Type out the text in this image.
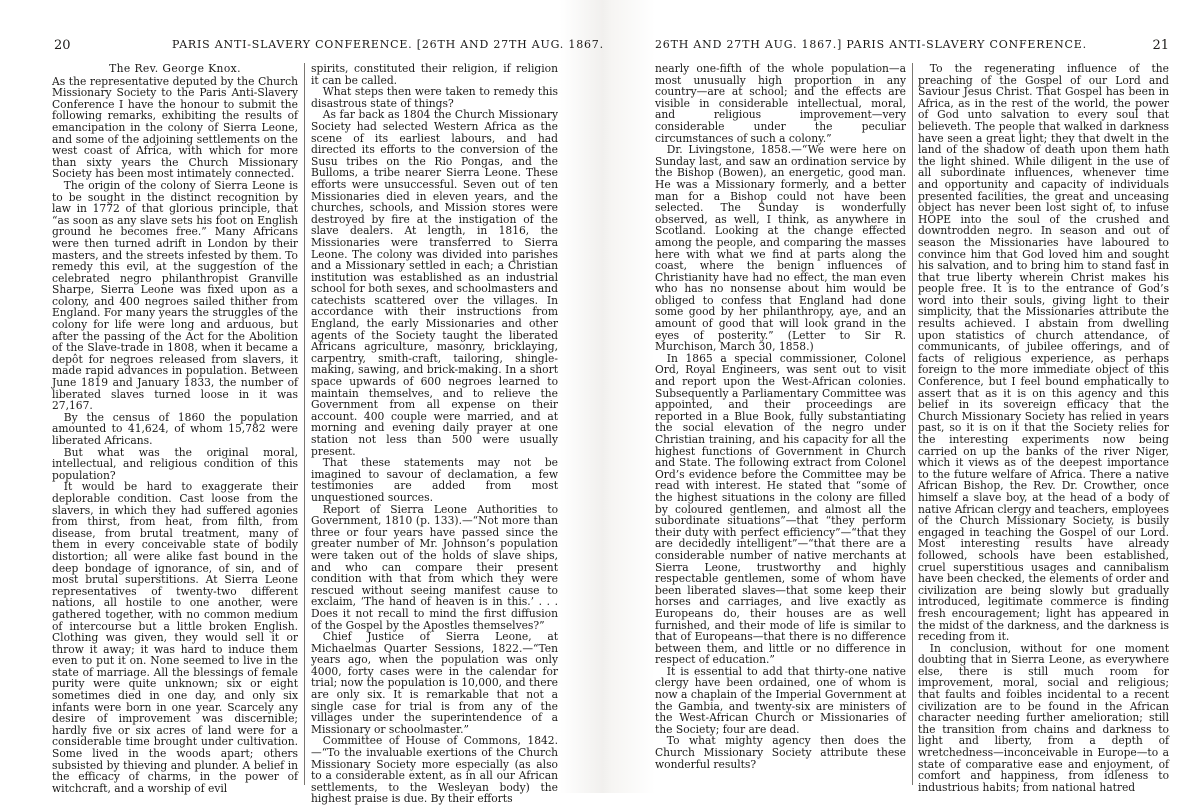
20	PARIS ANTI-SLAVERY CONFERENCE. [26TH AND 27TH AUG. 1867.

The Rev. George Knox.

As the representative deputed by the Church Missionary Society to the Paris Anti-Slavery Conference I have the honour to submit the following remarks, exhibiting the results of emancipation in the colony of Sierra Leone, and some of the adjoining settlements on the west coast of Africa, with which for more than sixty years the Church Missionary Society has been most intimately connected.

The origin of the colony of Sierra Leone is to be sought in the distinct recognition by law in 1772 of that glorious principle, that “as soon as any slave sets his foot on English ground he becomes free.” Many Africans were then turned adrift in London by their masters, and the streets infested by them. To remedy this evil, at the suggestion of the celebrated negro philanthropist Granville Sharpe, Sierra Leone was fixed upon as a colony, and 400 negroes sailed thither from England. For many years the struggles of the colony for life were long and arduous, but after the passing of the Act for the Abolition of the Slave-trade in 1808, when it became a depôt for negroes released from slavers, it made rapid advances in population. Between June 1819 and January 1833, the number of liberated slaves turned loose in it was 27,167.

By the census of 1860 the population amounted to 41,624, of whom 15,782 were liberated Africans.

But what was the original moral, intellectual, and religious condition of this population?

It would be hard to exaggerate their deplorable condition. Cast loose from the slavers, in which they had suffered agonies from thirst, from heat, from filth, from disease, from brutal treatment, many of them in every conceivable state of bodily distortion; all were alike fast bound in the deep bondage of ignorance, of sin, and of most brutal superstitions. At Sierra Leone representatives of twenty-two different nations, all hostile to one another, were gathered together, with no common medium of intercourse but a little broken English. Clothing was given, they would sell it or throw it away; it was hard to induce them even to put it on. None seemed to live in the state of marriage. All the blessings of female purity were quite unknown; six or eight sometimes died in one day, and only six infants were born in one year. Scarcely any desire of improvement was discernible; hardly five or six acres of land were for a considerable time brought under cultivation. Some lived in the woods apart; others subsisted by thieving and plunder. A belief in the efficacy of charms, in the power of witchcraft, and a worship of evil

spirits, constituted their religion, if religion it can be called.

What steps then were taken to remedy this disastrous state of things?

As far back as 1804 the Church Missionary Society had selected Western Africa as the scene of its earliest labours, and had directed its efforts to the conversion of the Susu tribes on the Rio Pongas, and the Bulloms, a tribe nearer Sierra Leone. These efforts were unsuccessful. Seven out of ten Missionaries died in eleven years, and the churches, schools, and Mission stores were destroyed by fire at the instigation of the slave dealers. At length, in 1816, the Missionaries were transferred to Sierra Leone. The colony was divided into parishes and a Missionary settled in each; a Christian institution was established as an industrial school for both sexes, and schoolmasters and catechists scattered over the villages. In accordance with their instructions from England, the early Missionaries and other agents of the Society taught the liberated Africans agriculture, masonry, bricklaying, carpentry, smith-craft, tailoring, shingle-making, sawing, and brick-making. In a short space upwards of 600 negroes learned to maintain themselves, and to relieve the Government from all expense on their account. 400 couple were married, and at morning and evening daily prayer at one station not less than 500 were usually present.

That these statements may not be imagined to savour of declamation, a few testimonies are added from most unquestioned sources.

Report of Sierra Leone Authorities to Government, 1810 (p. 133).—“Not more than three or four years have passed since the greater number of Mr. Johnson’s population were taken out of the holds of slave ships, and who can compare their present condition with that from which they were rescued without seeing manifest cause to exclaim, ‘The hand of heaven is in this.’ . . . Does it not recall to mind the first diffusion of the Gospel by the Apostles themselves?”

Chief Justice of Sierra Leone, at Michaelmas Quarter Sessions, 1822.—“Ten years ago, when the population was only 4000, forty cases were in the calendar for trial; now the population is 10,000, and there are only six. It is remarkable that not a single case for trial is from any of the villages under the superintendence of a Missionary or schoolmaster.”

Committee of House of Commons, 1842.—“To the invaluable exertions of the Church Missionary Society more especially (as also to a considerable extent, as in all our African settlements, to the Wesleyan body) the highest praise is due. By their efforts

26TH AND 27TH AUG. 1867.] PARIS ANTI-SLAVERY CONFERENCE.	21

nearly one-fifth of the whole population—a most unusually high proportion in any country—are at school; and the effects are visible in considerable intellectual, moral, and religious improvement—very considerable under the peculiar circumstances of such a colony.”

Dr. Livingstone, 1858.—“We were here on Sunday last, and saw an ordination service by the Bishop (Bowen), an energetic, good man. He was a Missionary formerly, and a better man for a Bishop could not have been selected. The Sunday is wonderfully observed, as well, I think, as anywhere in Scotland. Looking at the change effected among the people, and comparing the masses here with what we find at parts along the coast, where the benign influences of Christianity have had no effect, the man even who has no nonsense about him would be obliged to confess that England had done some good by her philanthropy, aye, and an amount of good that will look grand in the eyes of posterity.” (Letter to Sir R. Murchison, March 30, 1858.)

In 1865 a special commissioner, Colonel Ord, Royal Engineers, was sent out to visit and report upon the West-African colonies. Subsequently a Parliamentary Committee was appointed, and their proceedings are reported in a Blue Book, fully substantiating the social elevation of the negro under Christian training, and his capacity for all the highest functions of Government in Church and State. The following extract from Colonel Ord’s evidence before the Committee may be read with interest. He stated that “some of the highest situations in the colony are filled by coloured gentlemen, and almost all the subordinate situations”—that “they perform their duty with perfect efficiency”—“that they are decidedly intelligent”—“that there are a considerable number of native merchants at Sierra Leone, trustworthy and highly respectable gentlemen, some of whom have been liberated slaves—that some keep their horses and carriages, and live exactly as Europeans do, their houses are as well furnished, and their mode of life is similar to that of Europeans—that there is no difference between them, and little or no difference in respect of education.”

It is essential to add that thirty-one native clergy have been ordained, one of whom is now a chaplain of the Imperial Government at the Gambia, and twenty-six are ministers of the West-African Church or Missionaries of the Society; four are dead.

To what mighty agency then does the Church Missionary Society attribute these wonderful results?

To the regenerating influence of the preaching of the Gospel of our Lord and Saviour Jesus Christ. That Gospel has been in Africa, as in the rest of the world, the power of God unto salvation to every soul that believeth. The people that walked in darkness have seen a great light; they that dwelt in the land of the shadow of death upon them hath the light shined. While diligent in the use of all subordinate influences, whenever time and opportunity and capacity of individuals presented facilities, the great and unceasing object has never been lost sight of, to infuse HOPE into the soul of the crushed and downtrodden negro. In season and out of season the Missionaries have laboured to convince him that God loved him and sought his salvation, and to bring him to stand fast in that true liberty wherein Christ makes his people free. It is to the entrance of God’s word into their souls, giving light to their simplicity, that the Missionaries attribute the results achieved. I abstain from dwelling upon statistics of church attendance, of communicants, of jubilee offerings, and of facts of religious experience, as perhaps foreign to the more immediate object of this Conference, but I feel bound emphatically to assert that as it is on this agency and this belief in its sovereign efficacy that the Church Missionary Society has relied in years past, so it is on it that the Society relies for the interesting experiments now being carried on up the banks of the river Niger, which it views as of the deepest importance to the future welfare of Africa. There a native African Bishop, the Rev. Dr. Crowther, once himself a slave boy, at the head of a body of native African clergy and teachers, employees of the Church Missionary Society, is busily engaged in teaching the Gospel of our Lord. Most interesting results have already followed, schools have been established, cruel superstitious usages and cannibalism have been checked, the elements of order and civilization are being slowly but gradually introduced, legitimate commerce is finding fresh encouragement; light has appeared in the midst of the darkness, and the darkness is receding from it.

In conclusion, without for one moment doubting that in Sierra Leone, as everywhere else, there is still much room for improvement, moral, social and religious; that faults and foibles incidental to a recent civilization are to be found in the African character needing further amelioration; still the transition from chains and darkness to light and liberty, from a depth of wretchedness—inconceivable in Europe—to a state of comparative ease and enjoyment, of comfort and happiness, from idleness to industrious habits; from national hatred
